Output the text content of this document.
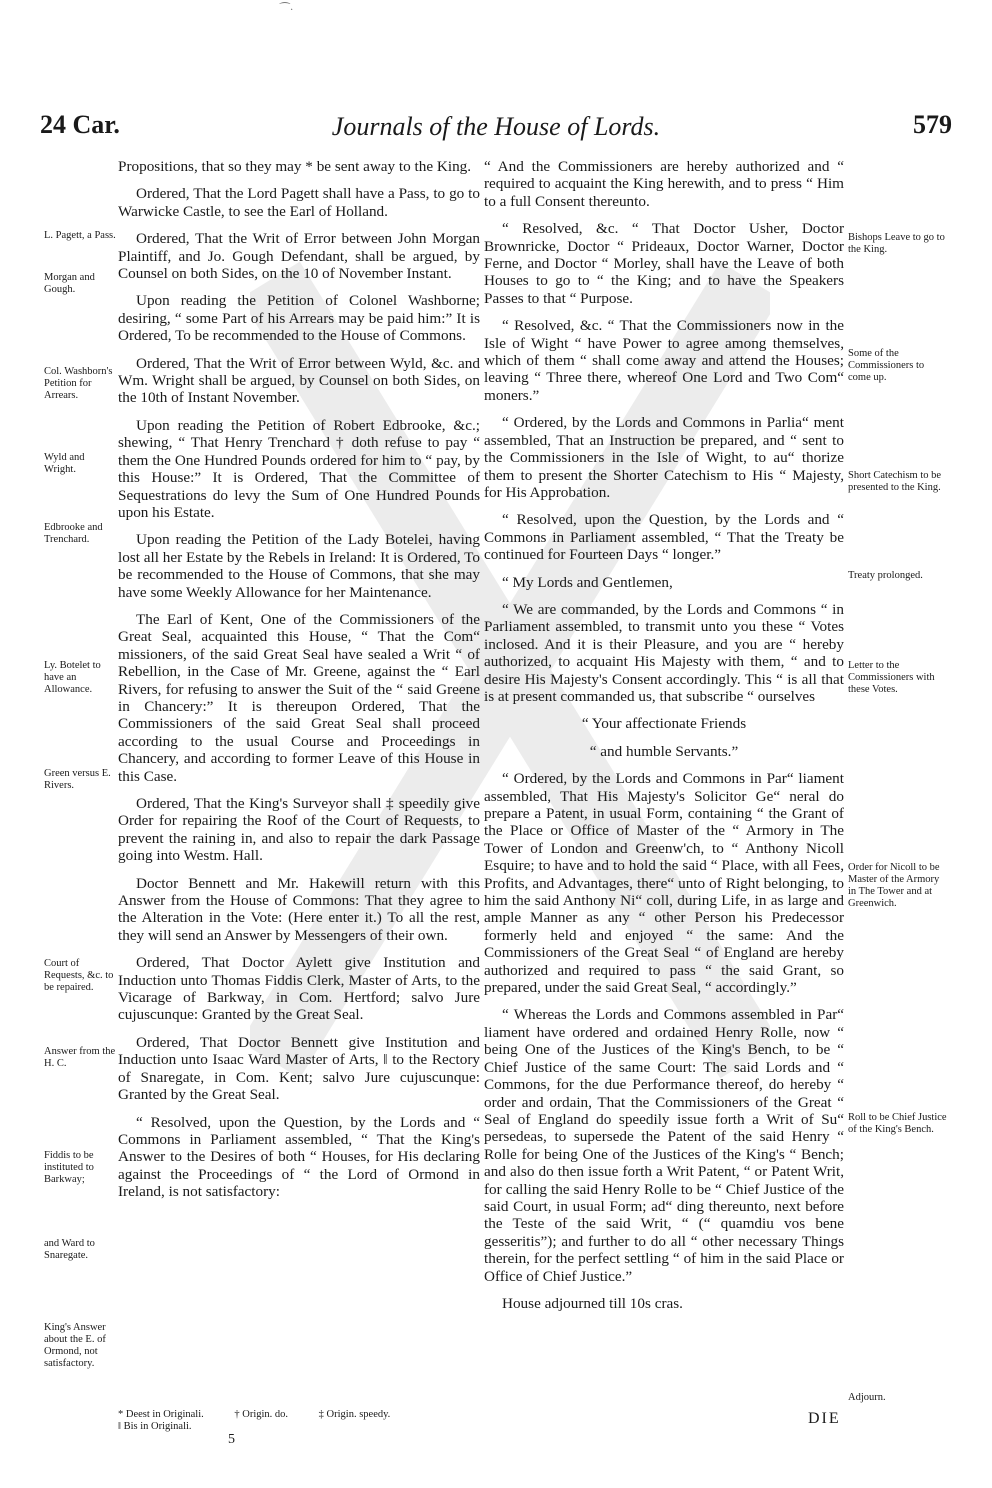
⁀·
24 Car.	Journals of the House of Lords.	579

Propositions, that so they may * be sent away to the King.

Ordered, That the Lord Pagett shall have a Pass, to go to Warwicke Castle, to see the Earl of Holland.

Ordered, That the Writ of Error between John Morgan Plaintiff, and Jo. Gough Defendant, shall be argued, by Counsel on both Sides, on the 10 of November Instant.

Upon reading the Petition of Colonel Washborne; desiring, “ some Part of his Arrears may be paid him:” It is Ordered, To be recommended to the House of Commons.

Ordered, That the Writ of Error between Wyld, &c. and Wm. Wright shall be argued, by Counsel on both Sides, on the 10th of Instant November.

Upon reading the Petition of Robert Edbrooke, &c.; shewing, “ That Henry Trenchard † doth refuse to pay “ them the One Hundred Pounds ordered for him to “ pay, by this House:” It is Ordered, That the Committee of Sequestrations do levy the Sum of One Hundred Pounds upon his Estate.

Upon reading the Petition of the Lady Botelei, having lost all her Estate by the Rebels in Ireland: It is Ordered, To be recommended to the House of Commons, that she may have some Weekly Allowance for her Maintenance.

The Earl of Kent, One of the Commissioners of the Great Seal, acquainted this House, “ That the Com“ missioners, of the said Great Seal have sealed a Writ “ of Rebellion, in the Case of Mr. Greene, against the “ Earl Rivers, for refusing to answer the Suit of the “ said Greene in Chancery:” It is thereupon Ordered, That the Commissioners of the said Great Seal shall proceed according to the usual Course and Proceedings in Chancery, and according to former Leave of this House in this Case.

Ordered, That the King's Surveyor shall ‡ speedily give Order for repairing the Roof of the Court of Requests, to prevent the raining in, and also to repair the dark Passage going into Westm. Hall.

Doctor Bennett and Mr. Hakewill return with this Answer from the House of Commons: That they agree to the Alteration in the Vote: (Here enter it.) To all the rest, they will send an Answer by Messengers of their own.

Ordered, That Doctor Aylett give Institution and Induction unto Thomas Fiddis Clerk, Master of Arts, to the Vicarage of Barkway, in Com. Hertford; salvo Jure cujuscunque: Granted by the Great Seal.

Ordered, That Doctor Bennett give Institution and Induction unto Isaac Ward Master of Arts, ‖ to the Rectory of Snaregate, in Com. Kent; salvo Jure cujuscunque: Granted by the Great Seal.

“ Resolved, upon the Question, by the Lords and “ Commons in Parliament assembled, “ That the King's Answer to the Desires of both “ Houses, for His declaring against the Proceedings of “ the Lord of Ormond in Ireland, is not satisfactory:

L. Pagett, a Pass.
Morgan and Gough.
Col. Washborn's Petition for Arrears.
Wyld and Wright.
Edbrooke and Trenchard.
Ly. Botelet to have an Allowance.
Green versus E. Rivers.
Court of Requests, &c. to be repaired.
Answer from the H. C.
Fiddis to be instituted to Barkway;
and Ward to Snaregate.
King's Answer about the E. of Ormond, not satisfactory.

“ And the Commissioners are hereby authorized and “ required to acquaint the King herewith, and to press “ Him to a full Consent thereunto.

“ Resolved, &c. “ That Doctor Usher, Doctor Brownricke, Doctor “ Prideaux, Doctor Warner, Doctor Ferne, and Doctor “ Morley, shall have the Leave of both Houses to go to “ the King; and to have the Speakers Passes to that “ Purpose.

“ Resolved, &c. “ That the Commissioners now in the Isle of Wight “ have Power to agree among themselves, which of them “ shall come away and attend the Houses; leaving “ Three there, whereof One Lord and Two Com“ moners.”

“ Ordered, by the Lords and Commons in Parlia“ ment assembled, That an Instruction be prepared, and “ sent to the Commissioners in the Isle of Wight, to au“ thorize them to present the Shorter Catechism to His “ Majesty, for His Approbation.

“ Resolved, upon the Question, by the Lords and “ Commons in Parliament assembled, “ That the Treaty be continued for Fourteen Days “ longer.”

“ My Lords and Gentlemen,

“ We are commanded, by the Lords and Commons “ in Parliament assembled, to transmit unto you these “ Votes inclosed. And it is their Pleasure, and you are “ hereby authorized, to acquaint His Majesty with them, “ and to desire His Majesty's Consent accordingly. This “ is all that is at present commanded us, that subscribe “ ourselves

“ Your affectionate Friends

“ and humble Servants.”

“ Ordered, by the Lords and Commons in Par“ liament assembled, That His Majesty's Solicitor Ge“ neral do prepare a Patent, in usual Form, containing “ the Grant of the Place or Office of Master of the “ Armory in The Tower of London and Greenw'ch, to “ Anthony Nicoll Esquire; to have and to hold the said “ Place, with all Fees, Profits, and Advantages, there“ unto of Right belonging, to him the said Anthony Ni“ coll, during Life, in as large and ample Manner as any “ other Person his Predecessor formerly held and enjoyed “ the same: And the Commissioners of the Great Seal “ of England are hereby authorized and required to pass “ the said Grant, so prepared, under the said Great Seal, “ accordingly.”

“ Whereas the Lords and Commons assembled in Par“ liament have ordered and ordained Henry Rolle, now “ being One of the Justices of the King's Bench, to be “ Chief Justice of the same Court: The said Lords and “ Commons, for the due Performance thereof, do hereby “ order and ordain, That the Commissioners of the Great “ Seal of England do speedily issue forth a Writ of Su“ persedeas, to supersede the Patent of the said Henry “ Rolle for being One of the Justices of the King's “ Bench; and also do then issue forth a Writ Patent, “ or Patent Writ, for calling the said Henry Rolle to be “ Chief Justice of the said Court, in usual Form; ad“ ding thereunto, next before the Teste of the said Writ, “ (“ quamdiu vos bene gesseritis”); and further to do all “ other necessary Things therein, for the perfect settling “ of him in the said Place or Office of Chief Justice.”

House adjourned till 10s cras.

Bishops Leave to go to the King.
Some of the Commissioners to come up.
Short Catechism to be presented to the King.
Treaty prolonged.
Letter to the Commissioners with these Votes.
Order for Nicoll to be Master of the Armory in The Tower and at Greenwich.
Roll to be Chief Justice of the King's Bench.
Adjourn.
* Deest in Originali.	† Origin. do.	‡ Origin. speedy.
‖ Bis in Originali.
5
DIE
